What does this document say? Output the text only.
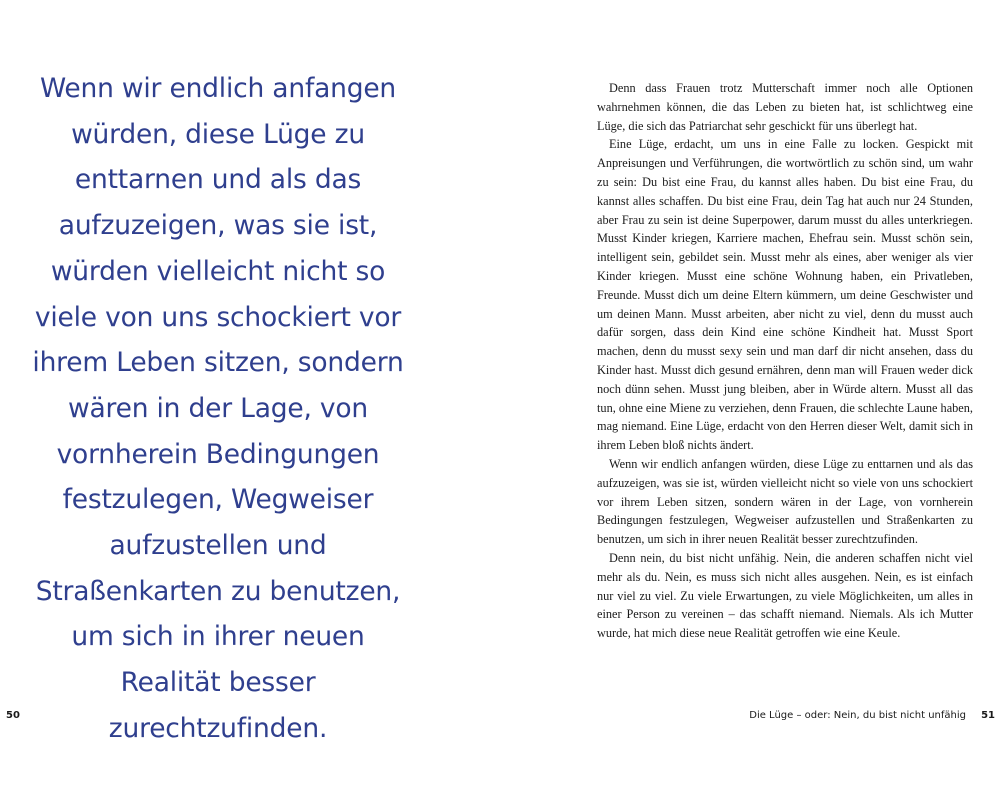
Wenn wir endlich anfangen würden, diese Lüge zu enttarnen und als das aufzuzeigen, was sie ist, würden vielleicht nicht so viele von uns schockiert vor ihrem Leben sitzen, sondern wären in der Lage, von vornherein Bedingungen festzulegen, Wegweiser aufzustellen und Straßenkarten zu benutzen, um sich in ihrer neuen Realität besser zurechtzufinden.

50

Denn dass Frauen trotz Mutterschaft immer noch alle Optionen wahrnehmen können, die das Leben zu bieten hat, ist schlichtweg eine Lüge, die sich das Patriarchat sehr geschickt für uns überlegt hat.

Eine Lüge, erdacht, um uns in eine Falle zu locken. Gespickt mit Anpreisungen und Verführungen, die wortwörtlich zu schön sind, um wahr zu sein: Du bist eine Frau, du kannst alles haben. Du bist eine Frau, du kannst alles schaffen. Du bist eine Frau, dein Tag hat auch nur 24 Stunden, aber Frau zu sein ist deine Superpower, darum musst du alles unterkriegen. Musst Kinder kriegen, Karriere machen, Ehefrau sein. Musst schön sein, intelligent sein, gebildet sein. Musst mehr als eines, aber weniger als vier Kinder kriegen. Musst eine schöne Wohnung haben, ein Privatleben, Freunde. Musst dich um deine Eltern kümmern, um deine Geschwister und um deinen Mann. Musst arbeiten, aber nicht zu viel, denn du musst auch dafür sorgen, dass dein Kind eine schöne Kindheit hat. Musst Sport machen, denn du musst sexy sein und man darf dir nicht ansehen, dass du Kinder hast. Musst dich gesund ernähren, denn man will Frauen weder dick noch dünn sehen. Musst jung bleiben, aber in Würde altern. Musst all das tun, ohne eine Miene zu verziehen, denn Frauen, die schlechte Laune haben, mag niemand. Eine Lüge, erdacht von den Herren dieser Welt, damit sich in ihrem Leben bloß nichts ändert.

Wenn wir endlich anfangen würden, diese Lüge zu enttarnen und als das aufzuzeigen, was sie ist, würden vielleicht nicht so viele von uns schockiert vor ihrem Leben sitzen, sondern wären in der Lage, von vornherein Bedingungen festzulegen, Wegweiser aufzustellen und Straßenkarten zu benutzen, um sich in ihrer neuen Realität besser zurechtzufinden.

Denn nein, du bist nicht unfähig. Nein, die anderen schaffen nicht viel mehr als du. Nein, es muss sich nicht alles ausgehen. Nein, es ist einfach nur viel zu viel. Zu viele Erwartungen, zu viele Möglichkeiten, um alles in einer Person zu vereinen – das schafft niemand. Niemals. Als ich Mutter wurde, hat mich diese neue Realität getroffen wie eine Keule.

Die Lüge – oder: Nein, du bist nicht unfähig 51
